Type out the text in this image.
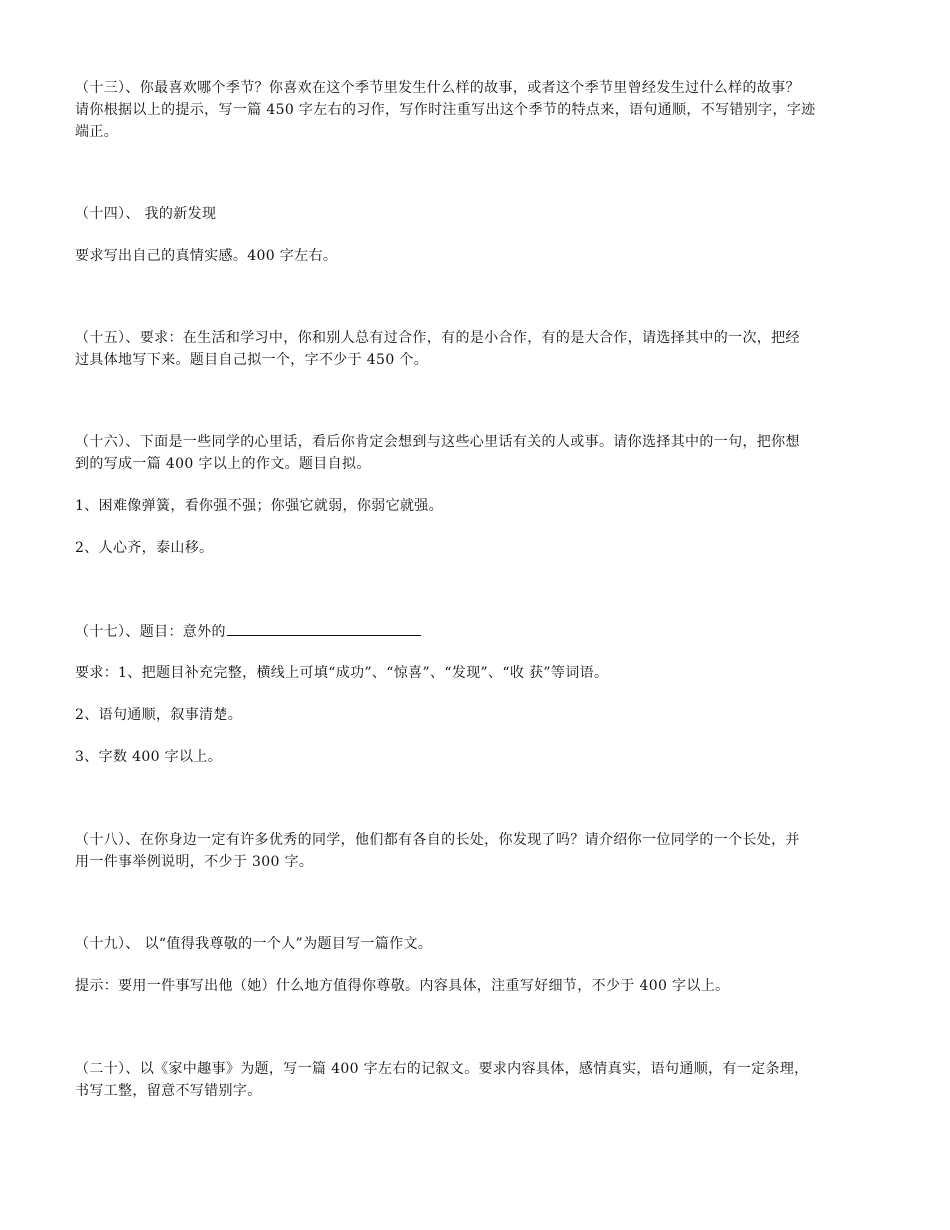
（十三）、你最喜欢哪个季节？你喜欢在这个季节里发生什么样的故事，或者这个季节里曾经发生过什么样的故事？
请你根据以上的提示，写一篇 450 字左右的习作，写作时注重写出这个季节的特点来，语句通顺，不写错别字，字迹
端正。
（十四）、 我的新发现
要求写出自己的真情实感。400 字左右。
（十五）、要求：在生活和学习中，你和别人总有过合作，有的是小合作，有的是大合作，请选择其中的一次，把经
过具体地写下来。题目自己拟一个，字不少于 450 个。
（十六）、下面是一些同学的心里话，看后你肯定会想到与这些心里话有关的人或事。请你选择其中的一句，把你想
到的写成一篇 400 字以上的作文。题目自拟。
1、困难像弹簧，看你强不强；你强它就弱，你弱它就强。
2、人心齐，泰山移。
（十七）、题目：意外的
要求：1、把题目补充完整，横线上可填“成功”、“惊喜”、“发现”、“收 获”等词语。
2、语句通顺，叙事清楚。
3、字数 400 字以上。
（十八）、在你身边一定有许多优秀的同学，他们都有各自的长处，你发现了吗？请介绍你一位同学的一个长处，并
用一件事举例说明，不少于 300 字。
（十九）、 以“值得我尊敬的一个人”为题目写一篇作文。
提示：要用一件事写出他（她）什么地方值得你尊敬。内容具体，注重写好细节，不少于 400 字以上。
（二十）、以《家中趣事》为题，写一篇 400 字左右的记叙文。要求内容具体，感情真实，语句通顺，有一定条理，
书写工整，留意不写错别字。
